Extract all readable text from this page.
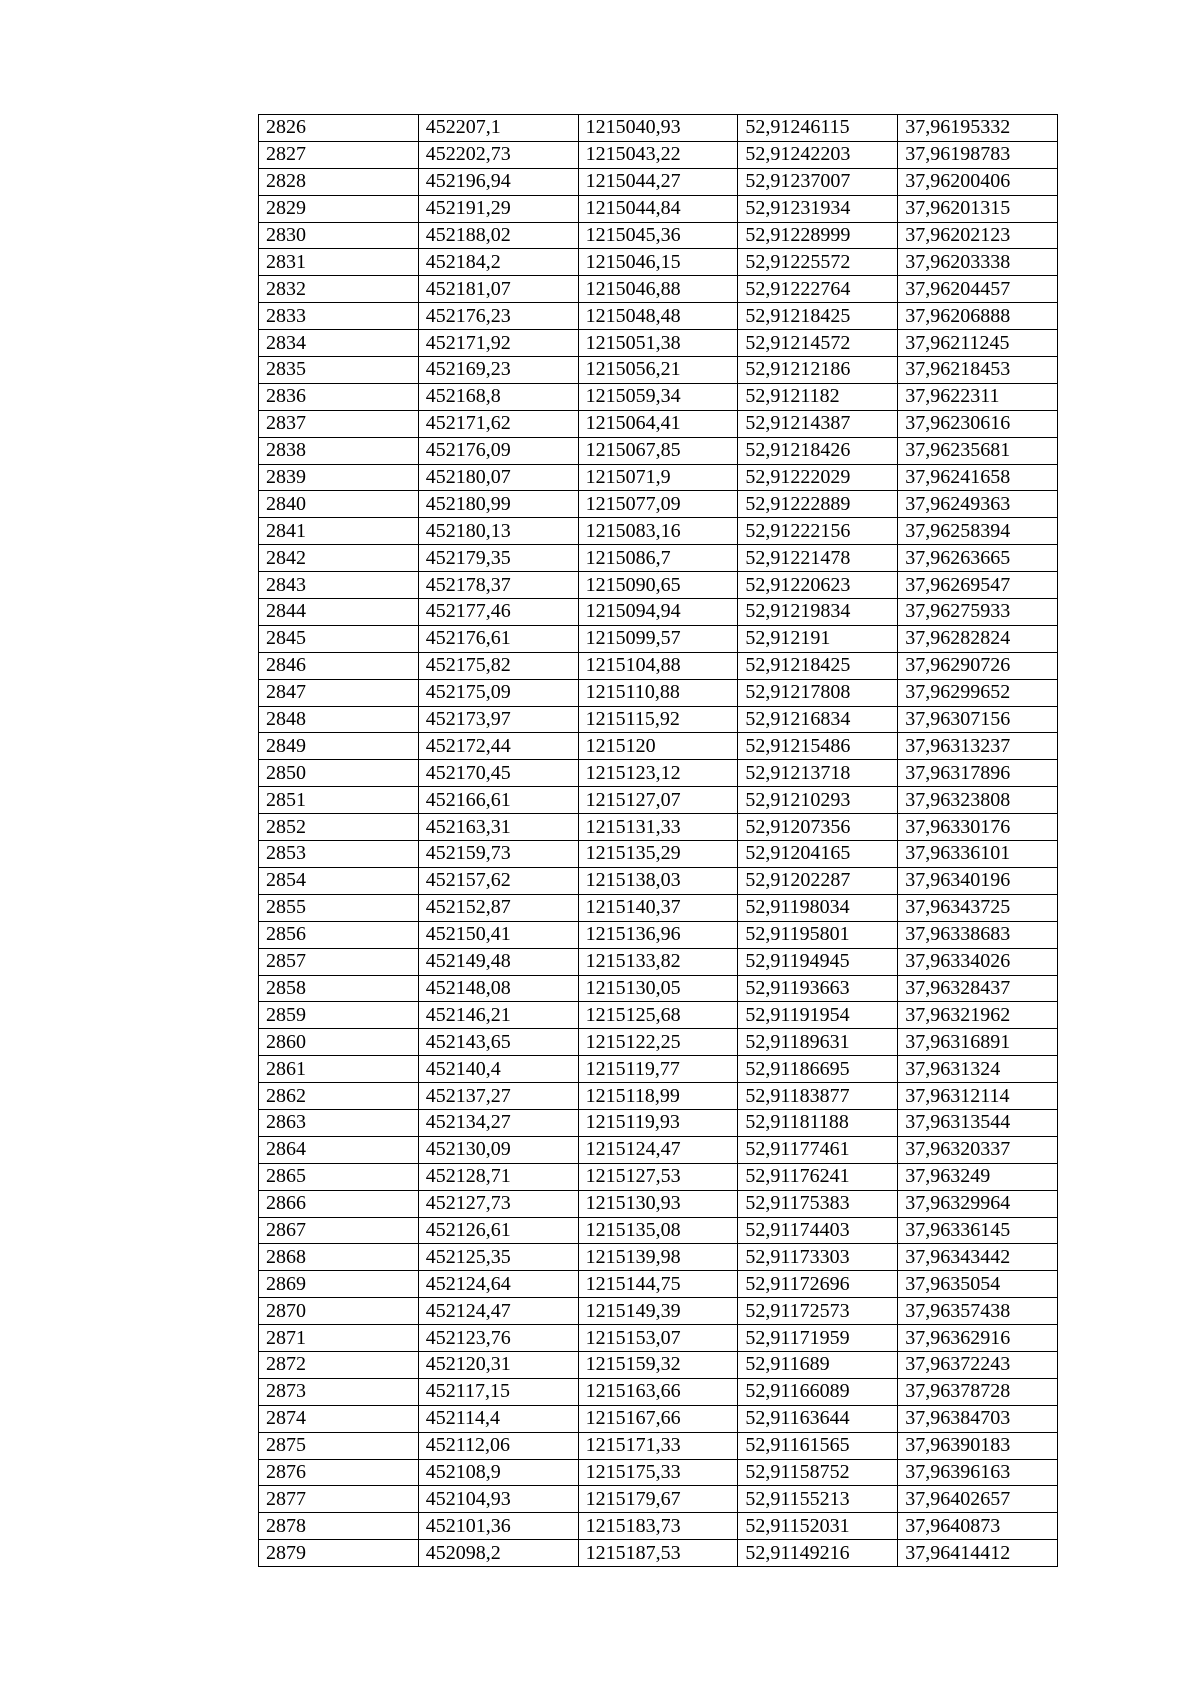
2826	452207,1	1215040,93	52,91246115	37,96195332
2827	452202,73	1215043,22	52,91242203	37,96198783
2828	452196,94	1215044,27	52,91237007	37,96200406
2829	452191,29	1215044,84	52,91231934	37,96201315
2830	452188,02	1215045,36	52,91228999	37,96202123
2831	452184,2	1215046,15	52,91225572	37,96203338
2832	452181,07	1215046,88	52,91222764	37,96204457
2833	452176,23	1215048,48	52,91218425	37,96206888
2834	452171,92	1215051,38	52,91214572	37,96211245
2835	452169,23	1215056,21	52,91212186	37,96218453
2836	452168,8	1215059,34	52,9121182	37,9622311
2837	452171,62	1215064,41	52,91214387	37,96230616
2838	452176,09	1215067,85	52,91218426	37,96235681
2839	452180,07	1215071,9	52,91222029	37,96241658
2840	452180,99	1215077,09	52,91222889	37,96249363
2841	452180,13	1215083,16	52,91222156	37,96258394
2842	452179,35	1215086,7	52,91221478	37,96263665
2843	452178,37	1215090,65	52,91220623	37,96269547
2844	452177,46	1215094,94	52,91219834	37,96275933
2845	452176,61	1215099,57	52,912191	37,96282824
2846	452175,82	1215104,88	52,91218425	37,96290726
2847	452175,09	1215110,88	52,91217808	37,96299652
2848	452173,97	1215115,92	52,91216834	37,96307156
2849	452172,44	1215120	52,91215486	37,96313237
2850	452170,45	1215123,12	52,91213718	37,96317896
2851	452166,61	1215127,07	52,91210293	37,96323808
2852	452163,31	1215131,33	52,91207356	37,96330176
2853	452159,73	1215135,29	52,91204165	37,96336101
2854	452157,62	1215138,03	52,91202287	37,96340196
2855	452152,87	1215140,37	52,91198034	37,96343725
2856	452150,41	1215136,96	52,91195801	37,96338683
2857	452149,48	1215133,82	52,91194945	37,96334026
2858	452148,08	1215130,05	52,91193663	37,96328437
2859	452146,21	1215125,68	52,91191954	37,96321962
2860	452143,65	1215122,25	52,91189631	37,96316891
2861	452140,4	1215119,77	52,91186695	37,9631324
2862	452137,27	1215118,99	52,91183877	37,96312114
2863	452134,27	1215119,93	52,91181188	37,96313544
2864	452130,09	1215124,47	52,91177461	37,96320337
2865	452128,71	1215127,53	52,91176241	37,963249
2866	452127,73	1215130,93	52,91175383	37,96329964
2867	452126,61	1215135,08	52,91174403	37,96336145
2868	452125,35	1215139,98	52,91173303	37,96343442
2869	452124,64	1215144,75	52,91172696	37,9635054
2870	452124,47	1215149,39	52,91172573	37,96357438
2871	452123,76	1215153,07	52,91171959	37,96362916
2872	452120,31	1215159,32	52,911689	37,96372243
2873	452117,15	1215163,66	52,91166089	37,96378728
2874	452114,4	1215167,66	52,91163644	37,96384703
2875	452112,06	1215171,33	52,91161565	37,96390183
2876	452108,9	1215175,33	52,91158752	37,96396163
2877	452104,93	1215179,67	52,91155213	37,96402657
2878	452101,36	1215183,73	52,91152031	37,9640873
2879	452098,2	1215187,53	52,91149216	37,96414412
